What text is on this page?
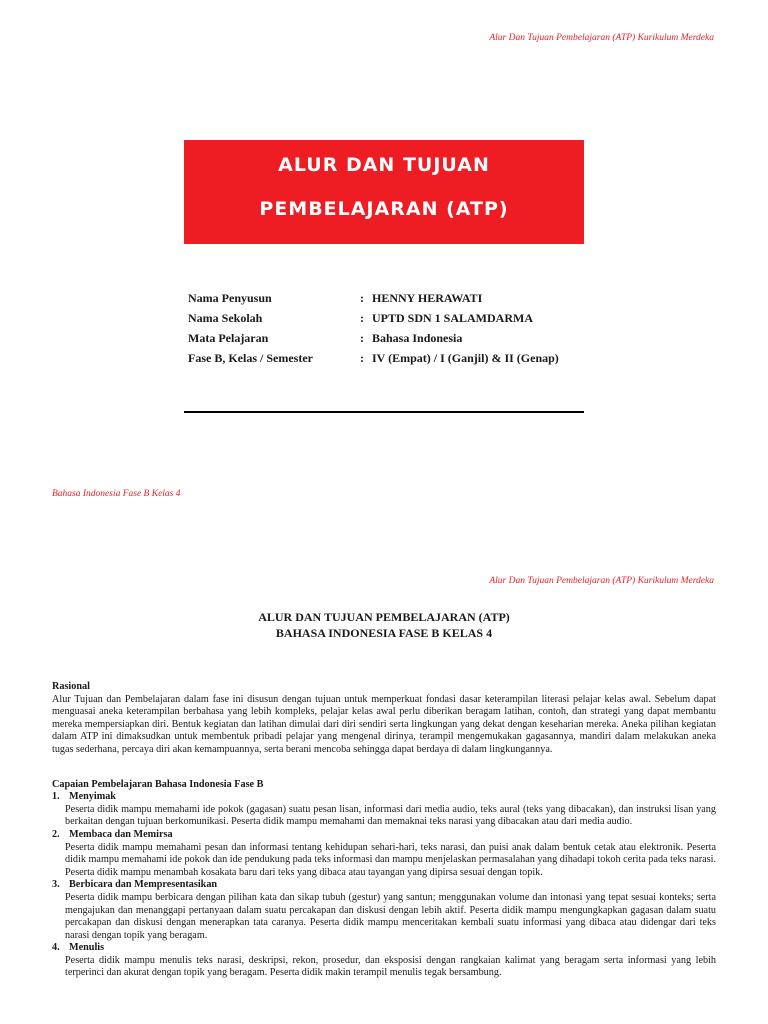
Alur Dan Tujuan Pembelajaran (ATP) Kurikulum Merdeka
ALUR DAN TUJUAN
PEMBELAJARAN (ATP)
Nama Penyusun	: HENNY HERAWATI
Nama Sekolah	: UPTD SDN 1 SALAMDARMA
Mata Pelajaran	: Bahasa Indonesia
Fase B, Kelas / Semester	: IV (Empat) / I (Ganjil) & II (Genap)
Bahasa Indonesia Fase B Kelas 4
Alur Dan Tujuan Pembelajaran (ATP) Kurikulum Merdeka
ALUR DAN TUJUAN PEMBELAJARAN (ATP)
BAHASA INDONESIA FASE B KELAS 4
Rasional
Alur Tujuan dan Pembelajaran dalam fase ini disusun dengan tujuan untuk memperkuat fondasi dasar keterampilan literasi pelajar kelas awal. Sebelum dapat menguasai aneka keterampilan berbahasa yang lebih kompleks, pelajar kelas awal perlu diberikan beragam latihan, contoh, dan strategi yang dapat membantu mereka mempersiapkan diri. Bentuk kegiatan dan latihan dimulai dari diri sendiri serta lingkungan yang dekat dengan keseharian mereka. Aneka pilihan kegiatan dalam ATP ini dimaksudkan untuk membentuk pribadi pelajar yang mengenal dirinya, terampil mengemukakan gagasannya, mandiri dalam melakukan aneka tugas sederhana, percaya diri akan kemampuannya, serta berani mencoba sehingga dapat berdaya di dalam lingkungannya.
Capaian Pembelajaran Bahasa Indonesia Fase B
1. Menyimak
Peserta didik mampu memahami ide pokok (gagasan) suatu pesan lisan, informasi dari media audio, teks aural (teks yang dibacakan), dan instruksi lisan yang berkaitan dengan tujuan berkomunikasi. Peserta didik mampu memahami dan memaknai teks narasi yang dibacakan atau dari media audio.
2. Membaca dan Memirsa
Peserta didik mampu memahami pesan dan informasi tentang kehidupan sehari-hari, teks narasi, dan puisi anak dalam bentuk cetak atau elektronik. Peserta didik mampu memahami ide pokok dan ide pendukung pada teks informasi dan mampu menjelaskan permasalahan yang dihadapi tokoh cerita pada teks narasi. Peserta didik mampu menambah kosakata baru dari teks yang dibaca atau tayangan yang dipirsa sesuai dengan topik.
3. Berbicara dan Mempresentasikan
Peserta didik mampu berbicara dengan pilihan kata dan sikap tubuh (gestur) yang santun; menggunakan volume dan intonasi yang tepat sesuai konteks; serta mengajukan dan menanggapi pertanyaan dalam suatu percakapan dan diskusi dengan lebih aktif. Peserta didik mampu mengungkapkan gagasan dalam suatu percakapan dan diskusi dengan menerapkan tata caranya. Peserta didik mampu menceritakan kembali suatu informasi yang dibaca atau didengar dari teks narasi dengan topik yang beragam.
4. Menulis
Peserta didik mampu menulis teks narasi, deskripsi, rekon, prosedur, dan eksposisi dengan rangkaian kalimat yang beragam serta informasi yang lebih terperinci dan akurat dengan topik yang beragam. Peserta didik makin terampil menulis tegak bersambung.
